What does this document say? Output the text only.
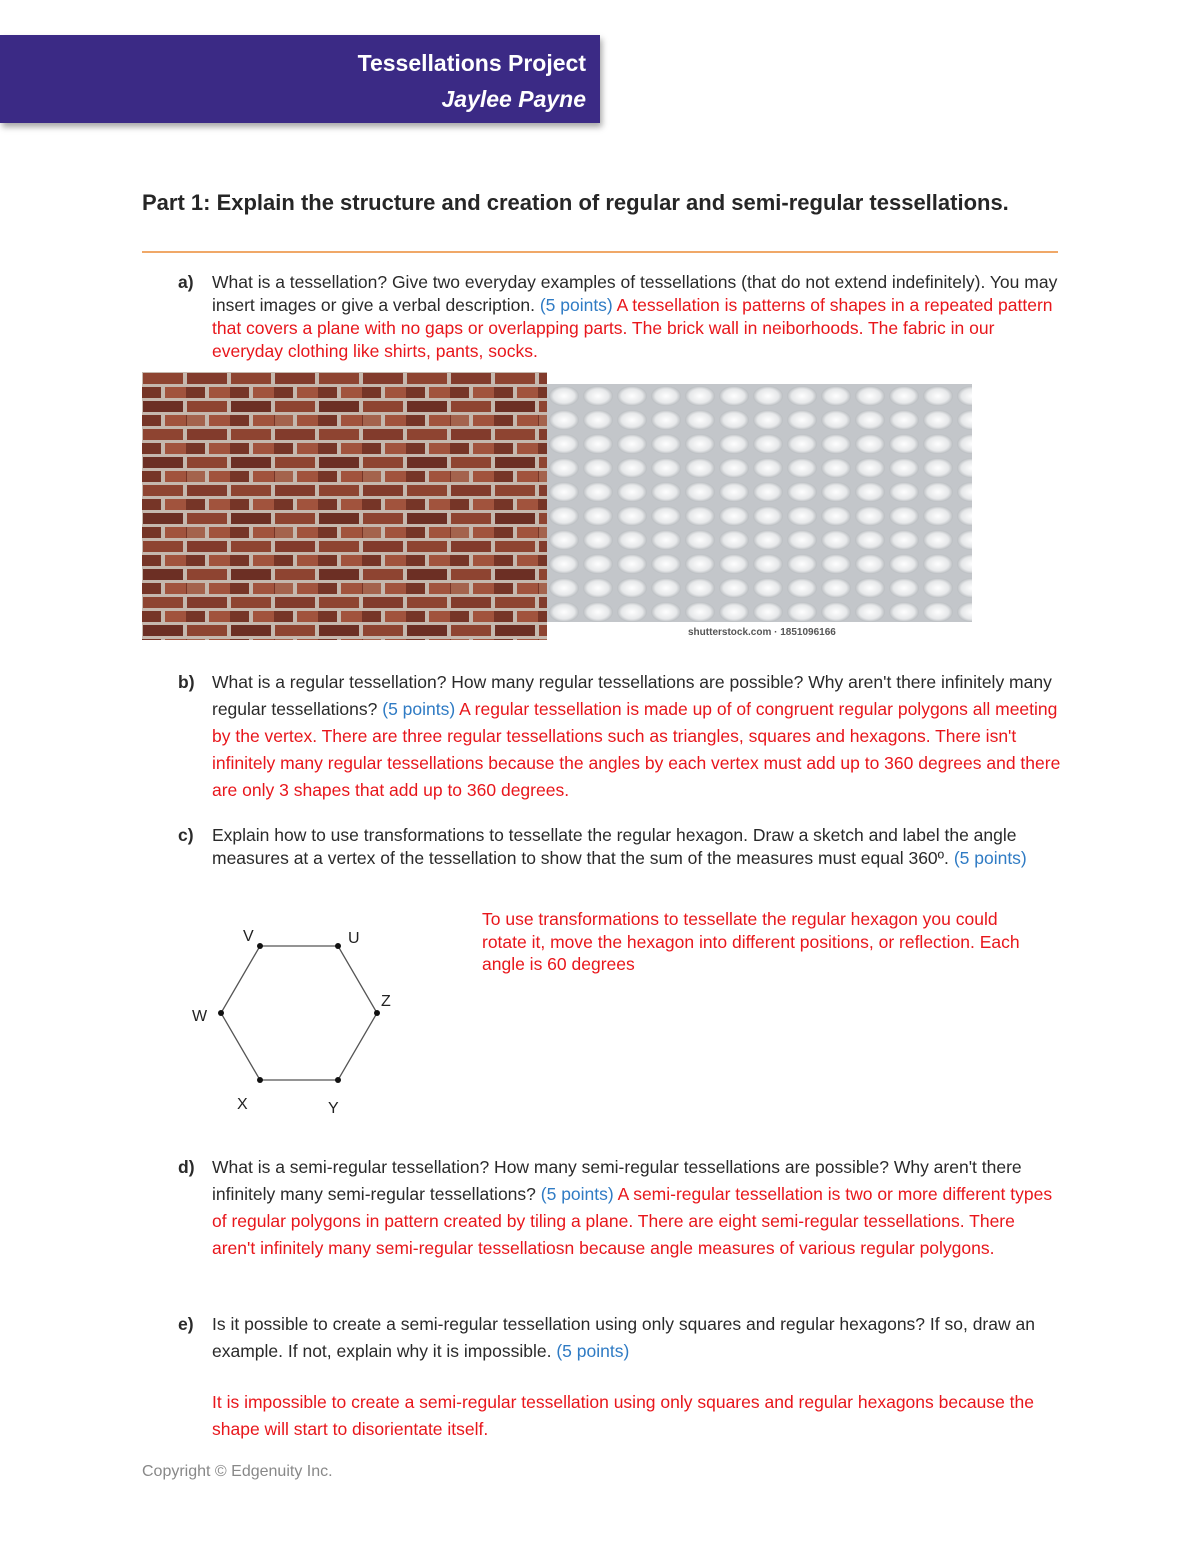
Tessellations Project
Jaylee Payne
Part 1: Explain the structure and creation of regular and semi-regular tessellations.
a) What is a tessellation? Give two everyday examples of tessellations (that do not extend indefinitely). You may insert images or give a verbal description. (5 points) A tessellation is patterns of shapes in a repeated pattern that covers a plane with no gaps or overlapping parts. The brick wall in neiborhoods. The fabric in our everyday clothing like shirts, pants, socks.
shutterstock.com · 1851096166
b) What is a regular tessellation? How many regular tessellations are possible? Why aren't there infinitely many regular tessellations? (5 points) A regular tessellation is made up of of congruent regular polygons all meeting by the vertex. There are three regular tessellations such as triangles, squares and hexagons. There isn't infinitely many regular tessellations because the angles by each vertex must add up to 360 degrees and there are only 3 shapes that add up to 360 degrees.
c) Explain how to use transformations to tessellate the regular hexagon. Draw a sketch and label the angle measures at a vertex of the tessellation to show that the sum of the measures must equal 360º. (5 points)
V	U
Z
Y
X
W
To use transformations to tessellate the regular hexagon you could rotate it, move the hexagon into different positions, or reflection. Each angle is 60 degrees
d) What is a semi-regular tessellation? How many semi-regular tessellations are possible? Why aren't there infinitely many semi-regular tessellations? (5 points) A semi-regular tessellation is two or more different types of regular polygons in pattern created by tiling a plane. There are eight semi-regular tessellations. There aren't infinitely many semi-regular tessellatiosn because angle measures of various regular polygons.
e) Is it possible to create a semi-regular tessellation using only squares and regular hexagons? If so, draw an example. If not, explain why it is impossible. (5 points)
It is impossible to create a semi-regular tessellation using only squares and regular hexagons because the shape will start to disorientate itself.
Copyright © Edgenuity Inc.
